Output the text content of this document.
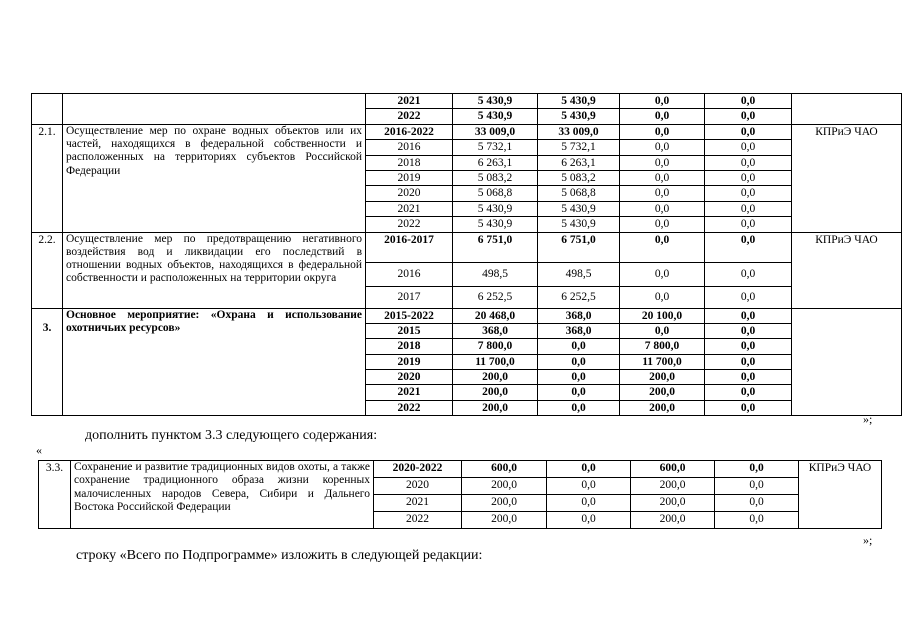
		2021	5 430,9	5 430,9	0,0	0,0	
		2022	5 430,9	5 430,9	0,0	0,0	
2.1.	Осуществление мер по охране водных объектов или их частей, находящихся в федеральной собственности и расположенных на территориях субъектов Российской Федерации	2016-2022	33 009,0	33 009,0	0,0	0,0	КПРиЭ ЧАО
		2016	5 732,1	5 732,1	0,0	0,0	
		2018	6 263,1	6 263,1	0,0	0,0	
		2019	5 083,2	5 083,2	0,0	0,0	
		2020	5 068,8	5 068,8	0,0	0,0	
		2021	5 430,9	5 430,9	0,0	0,0	
		2022	5 430,9	5 430,9	0,0	0,0	
2.2.	Осуществление мер по предотвращению негативного воздействия вод и ликвидации его последствий в отношении водных объектов, находящихся в федеральной собственности и расположенных на территории округа	2016-2017	6 751,0	6 751,0	0,0	0,0	КПРиЭ ЧАО
		2016	498,5	498,5	0,0	0,0	
		2017	6 252,5	6 252,5	0,0	0,0	
3.	Основное мероприятие: «Охрана и использование охотничьих ресурсов»	2015-2022	20 468,0	368,0	20 100,0	0,0	
		2015	368,0	368,0	0,0	0,0	
		2018	7 800,0	0,0	7 800,0	0,0	
		2019	11 700,0	0,0	11 700,0	0,0	
		2020	200,0	0,0	200,0	0,0	
		2021	200,0	0,0	200,0	0,0	
		2022	200,0	0,0	200,0	0,0	
»;
дополнить пунктом 3.3 следующего содержания:
«
3.3.	Сохранение и развитие традиционных видов охоты, а также сохранение традиционного образа жизни коренных малочисленных народов Севера, Сибири и Дальнего Востока Российской Федерации	2020-2022	600,0	0,0	600,0	0,0	КПРиЭ ЧАО
		2020	200,0	0,0	200,0	0,0	
		2021	200,0	0,0	200,0	0,0	
		2022	200,0	0,0	200,0	0,0	
»;
строку «Всего по Подпрограмме» изложить в следующей редакции:
